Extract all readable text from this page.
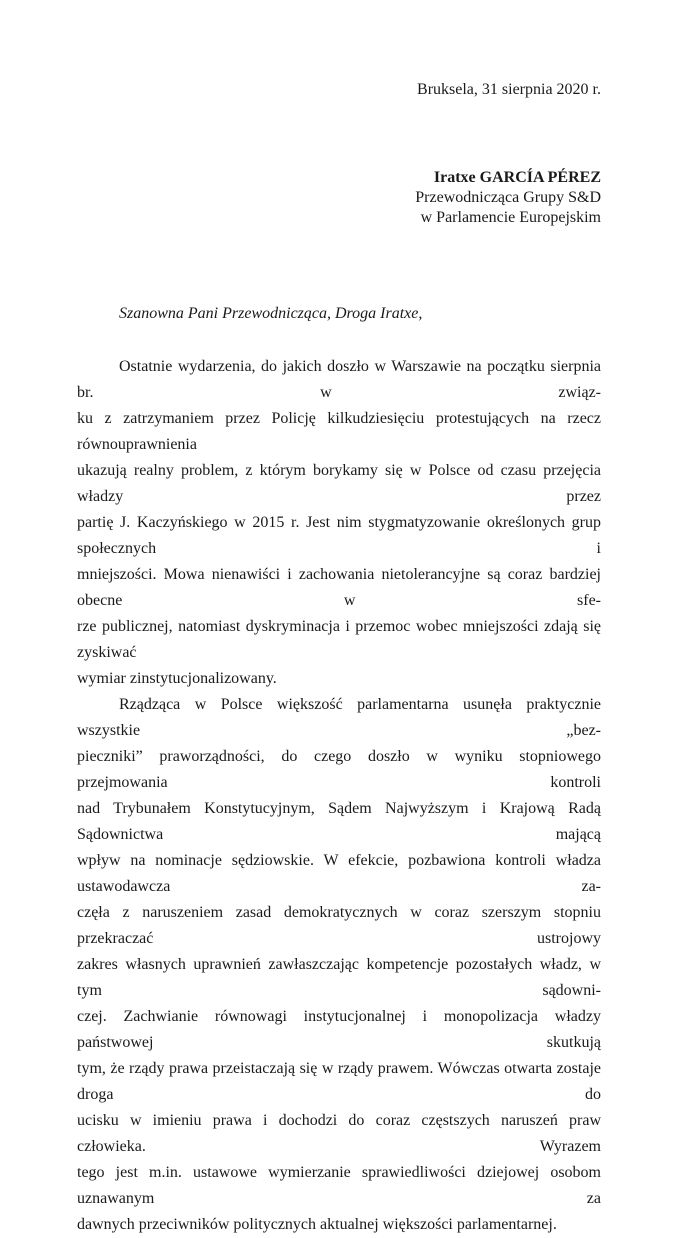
Bruksela, 31 sierpnia 2020 r.
Iratxe GARCÍA PÉREZ
Przewodnicząca Grupy S&D
w Parlamencie Europejskim
Szanowna Pani Przewodnicząca, Droga Iratxe,
Ostatnie wydarzenia, do jakich doszło w Warszawie na początku sierpnia br. w związ-
ku z zatrzymaniem przez Policję kilkudziesięciu protestujących na rzecz równouprawnienia
ukazują realny problem, z którym borykamy się w Polsce od czasu przejęcia władzy przez
partię J. Kaczyńskiego w 2015 r. Jest nim stygmatyzowanie określonych grup społecznych i
mniejszości. Mowa nienawiści i zachowania nietolerancyjne są coraz bardziej obecne w sfe-
rze publicznej, natomiast dyskryminacja i przemoc wobec mniejszości zdają się zyskiwać
wymiar zinstytucjonalizowany.
Rządząca w Polsce większość parlamentarna usunęła praktycznie wszystkie „bez-
pieczniki” praworządności, do czego doszło w wyniku stopniowego przejmowania kontroli
nad Trybunałem Konstytucyjnym, Sądem Najwyższym i Krajową Radą Sądownictwa mającą
wpływ na nominacje sędziowskie. W efekcie, pozbawiona kontroli władza ustawodawcza za-
częła z naruszeniem zasad demokratycznych w coraz szerszym stopniu przekraczać ustrojowy
zakres własnych uprawnień zawłaszczając kompetencje pozostałych władz, w tym sądowni-
czej. Zachwianie równowagi instytucjonalnej i monopolizacja władzy państwowej skutkują
tym, że rządy prawa przeistaczają się w rządy prawem. Wówczas otwarta zostaje droga do
ucisku w imieniu prawa i dochodzi do coraz częstszych naruszeń praw człowieka. Wyrazem
tego jest m.in. ustawowe wymierzanie sprawiedliwości dziejowej osobom uznawanym za
dawnych przeciwników politycznych aktualnej większości parlamentarnej.
